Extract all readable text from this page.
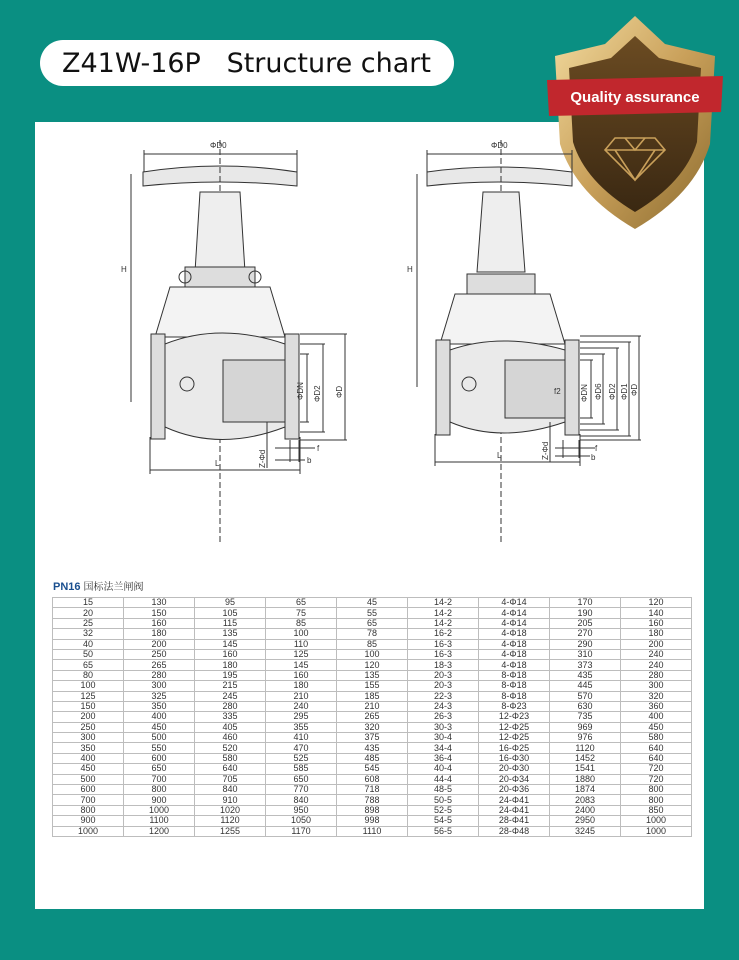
Z41W-16P   Structure chart
Quality assurance
ΦD0
H
L
ΦDN ΦD2 ΦD
Z-Φd
f
b
ΦD0
H
L
f2 ΦDN ΦD6 ΦD2 ΦD1 ΦD
Z-Φd	f
b
PN16 国标法兰闸阀
15	130	95	65	45	14-2	4-Φ14	170	120
20	150	105	75	55	14-2	4-Φ14	190	140
25	160	115	85	65	14-2	4-Φ14	205	160
32	180	135	100	78	16-2	4-Φ18	270	180
40	200	145	110	85	16-3	4-Φ18	290	200
50	250	160	125	100	16-3	4-Φ18	310	240
65	265	180	145	120	18-3	4-Φ18	373	240
80	280	195	160	135	20-3	8-Φ18	435	280
100	300	215	180	155	20-3	8-Φ18	445	300
125	325	245	210	185	22-3	8-Φ18	570	320
150	350	280	240	210	24-3	8-Φ23	630	360
200	400	335	295	265	26-3	12-Φ23	735	400
250	450	405	355	320	30-3	12-Φ25	969	450
300	500	460	410	375	30-4	12-Φ25	976	580
350	550	520	470	435	34-4	16-Φ25	1120	640
400	600	580	525	485	36-4	16-Φ30	1452	640
450	650	640	585	545	40-4	20-Φ30	1541	720
500	700	705	650	608	44-4	20-Φ34	1880	720
600	800	840	770	718	48-5	20-Φ36	1874	800
700	900	910	840	788	50-5	24-Φ41	2083	800
800	1000	1020	950	898	52-5	24-Φ41	2400	850
900	1100	1120	1050	998	54-5	28-Φ41	2950	1000
1000	1200	1255	1170	1110	56-5	28-Φ48	3245	1000
